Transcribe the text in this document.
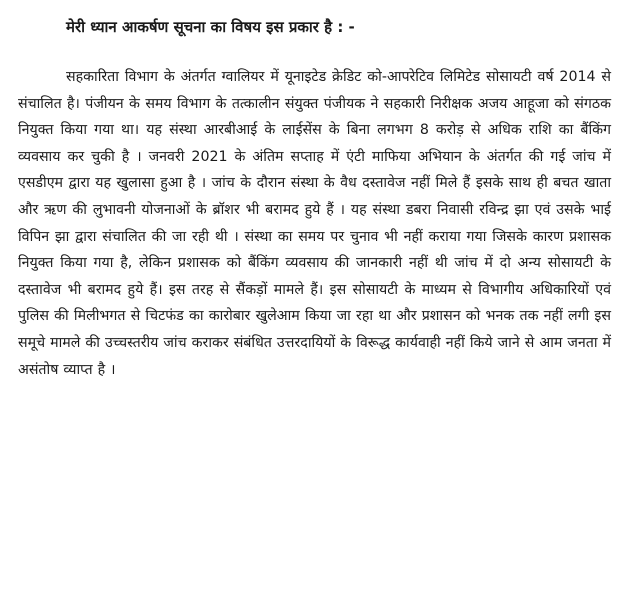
मेरी ध्यान आकर्षण सूचना का विषय इस प्रकार है : -

सहकारिता विभाग के अंतर्गत ग्वालियर में यूनाइटेड क्रेडिट को-आपरेटिव लिमिटेड सोसायटी वर्ष 2014 से संचालित है। पंजीयन के समय विभाग के तत्कालीन संयुक्त पंजीयक ने सहकारी निरीक्षक अजय आहूजा को संगठक नियुक्त किया गया था। यह संस्था आरबीआई के लाईसेंस के बिना लगभग 8 करोड़ से अधिक राशि का बैंकिंग व्यवसाय कर चुकी है । जनवरी 2021 के अंतिम सप्ताह में एंटी माफिया अभियान के अंतर्गत की गई जांच में एसडीएम द्वारा यह खुलासा हुआ है । जांच के दौरान संस्था के वैध दस्तावेज नहीं मिले हैं इसके साथ ही बचत खाता और ऋण की लुभावनी योजनाओं के ब्रॉशर भी बरामद हुये हैं । यह संस्था डबरा निवासी रविन्द्र झा एवं उसके भाई विपिन झा द्वारा संचालित की जा रही थी । संस्था का समय पर चुनाव भी नहीं कराया गया जिसके कारण प्रशासक नियुक्त किया गया है, लेकिन प्रशासक को बैंकिंग व्यवसाय की जानकारी नहीं थी जांच में दो अन्य सोसायटी के दस्तावेज भी बरामद हुये हैं। इस तरह से सैंकड़ों मामले हैं। इस सोसायटी के माध्यम से विभागीय अधिकारियों एवं पुलिस की मिलीभगत से चिटफंड का कारोबार खुलेआम किया जा रहा था और प्रशासन को भनक तक नहीं लगी इस समूचे मामले की उच्चस्तरीय जांच कराकर संबंधित उत्तरदायियों के विरूद्ध कार्यवाही नहीं किये जाने से आम जनता में असंतोष व्याप्त है ।
